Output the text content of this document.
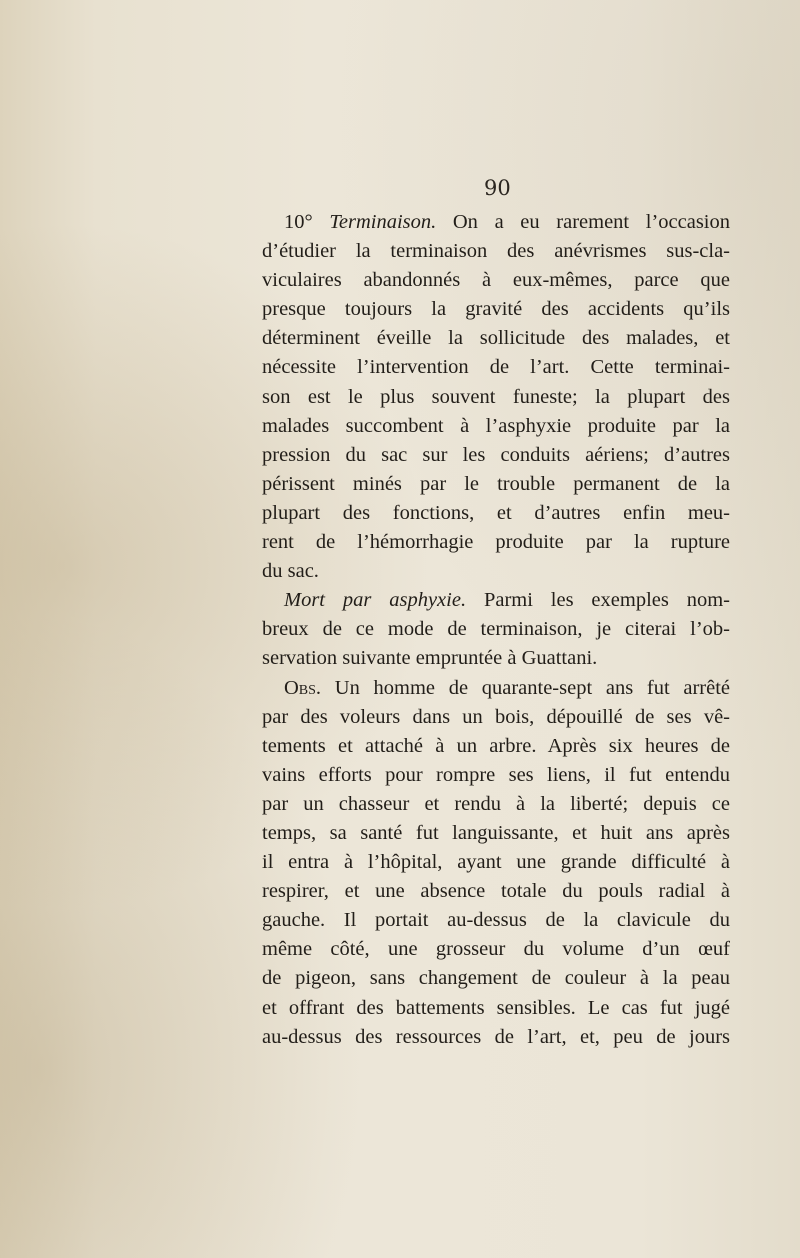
90
10° Terminaison. On a eu rarement l’occasion
d’étudier la terminaison des anévrismes sus-cla-
viculaires abandonnés à eux-mêmes, parce que
presque toujours la gravité des accidents qu’ils
déterminent éveille la sollicitude des malades, et
nécessite l’intervention de l’art. Cette terminai-
son est le plus souvent funeste; la plupart des
malades succombent à l’asphyxie produite par la
pression du sac sur les conduits aériens; d’autres
périssent minés par le trouble permanent de la
plupart des fonctions, et d’autres enfin meu-
rent de l’hémorrhagie produite par la rupture
du sac.
Mort par asphyxie. Parmi les exemples nom-
breux de ce mode de terminaison, je citerai l’ob-
servation suivante empruntée à Guattani.
Obs. Un homme de quarante-sept ans fut arrêté
par des voleurs dans un bois, dépouillé de ses vê-
tements et attaché à un arbre. Après six heures de
vains efforts pour rompre ses liens, il fut entendu
par un chasseur et rendu à la liberté; depuis ce
temps, sa santé fut languissante, et huit ans après
il entra à l’hôpital, ayant une grande difficulté à
respirer, et une absence totale du pouls radial à
gauche. Il portait au-dessus de la clavicule du
même côté, une grosseur du volume d’un œuf
de pigeon, sans changement de couleur à la peau
et offrant des battements sensibles. Le cas fut jugé
au-dessus des ressources de l’art, et, peu de jours
